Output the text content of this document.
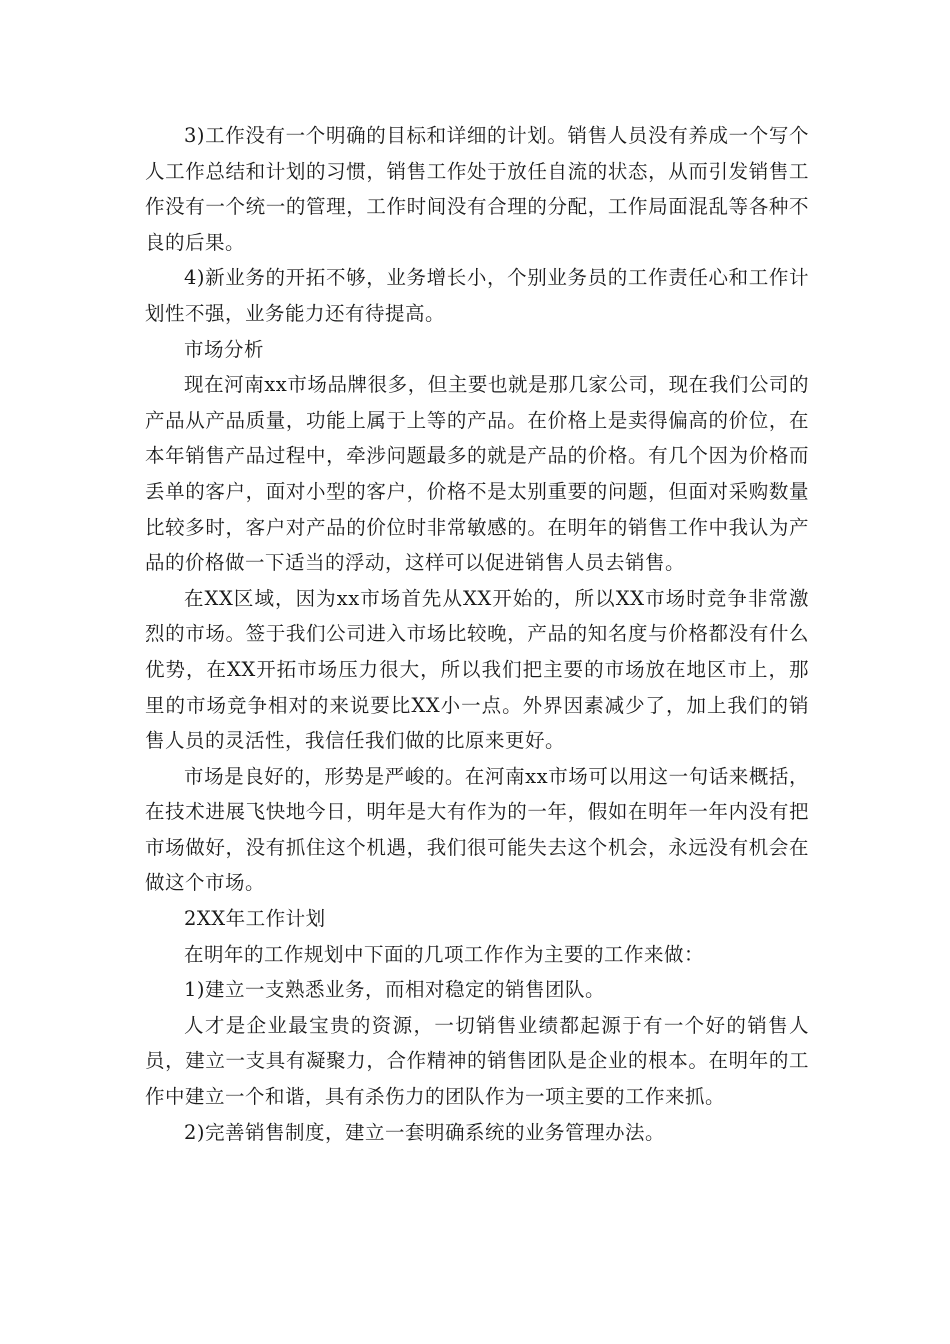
3)工作没有一个明确的目标和详细的计划。销售人员没有养成一个写个人工作总结和计划的习惯，销售工作处于放任自流的状态，从而引发销售工作没有一个统一的管理，工作时间没有合理的分配，工作局面混乱等各种不良的后果。

4)新业务的开拓不够，业务增长小，个别业务员的工作责任心和工作计划性不强，业务能力还有待提高。

市场分析

现在河南xx市场品牌很多，但主要也就是那几家公司，现在我们公司的产品从产品质量，功能上属于上等的产品。在价格上是卖得偏高的价位，在本年销售产品过程中，牵涉问题最多的就是产品的价格。有几个因为价格而丢单的客户，面对小型的客户，价格不是太别重要的问题，但面对采购数量比较多时，客户对产品的价位时非常敏感的。在明年的销售工作中我认为产品的价格做一下适当的浮动，这样可以促进销售人员去销售。

在XX区域，因为xx市场首先从XX开始的，所以XX市场时竞争非常激烈的市场。签于我们公司进入市场比较晚，产品的知名度与价格都没有什么优势，在XX开拓市场压力很大，所以我们把主要的市场放在地区市上，那里的市场竞争相对的来说要比XX小一点。外界因素减少了，加上我们的销售人员的灵活性，我信任我们做的比原来更好。

市场是良好的，形势是严峻的。在河南xx市场可以用这一句话来概括，在技术进展飞快地今日，明年是大有作为的一年，假如在明年一年内没有把市场做好，没有抓住这个机遇，我们很可能失去这个机会，永远没有机会在做这个市场。

2XX年工作计划

在明年的工作规划中下面的几项工作作为主要的工作来做：

1)建立一支熟悉业务，而相对稳定的销售团队。

人才是企业最宝贵的资源，一切销售业绩都起源于有一个好的销售人员，建立一支具有凝聚力，合作精神的销售团队是企业的根本。在明年的工作中建立一个和谐，具有杀伤力的团队作为一项主要的工作来抓。

2)完善销售制度，建立一套明确系统的业务管理办法。
